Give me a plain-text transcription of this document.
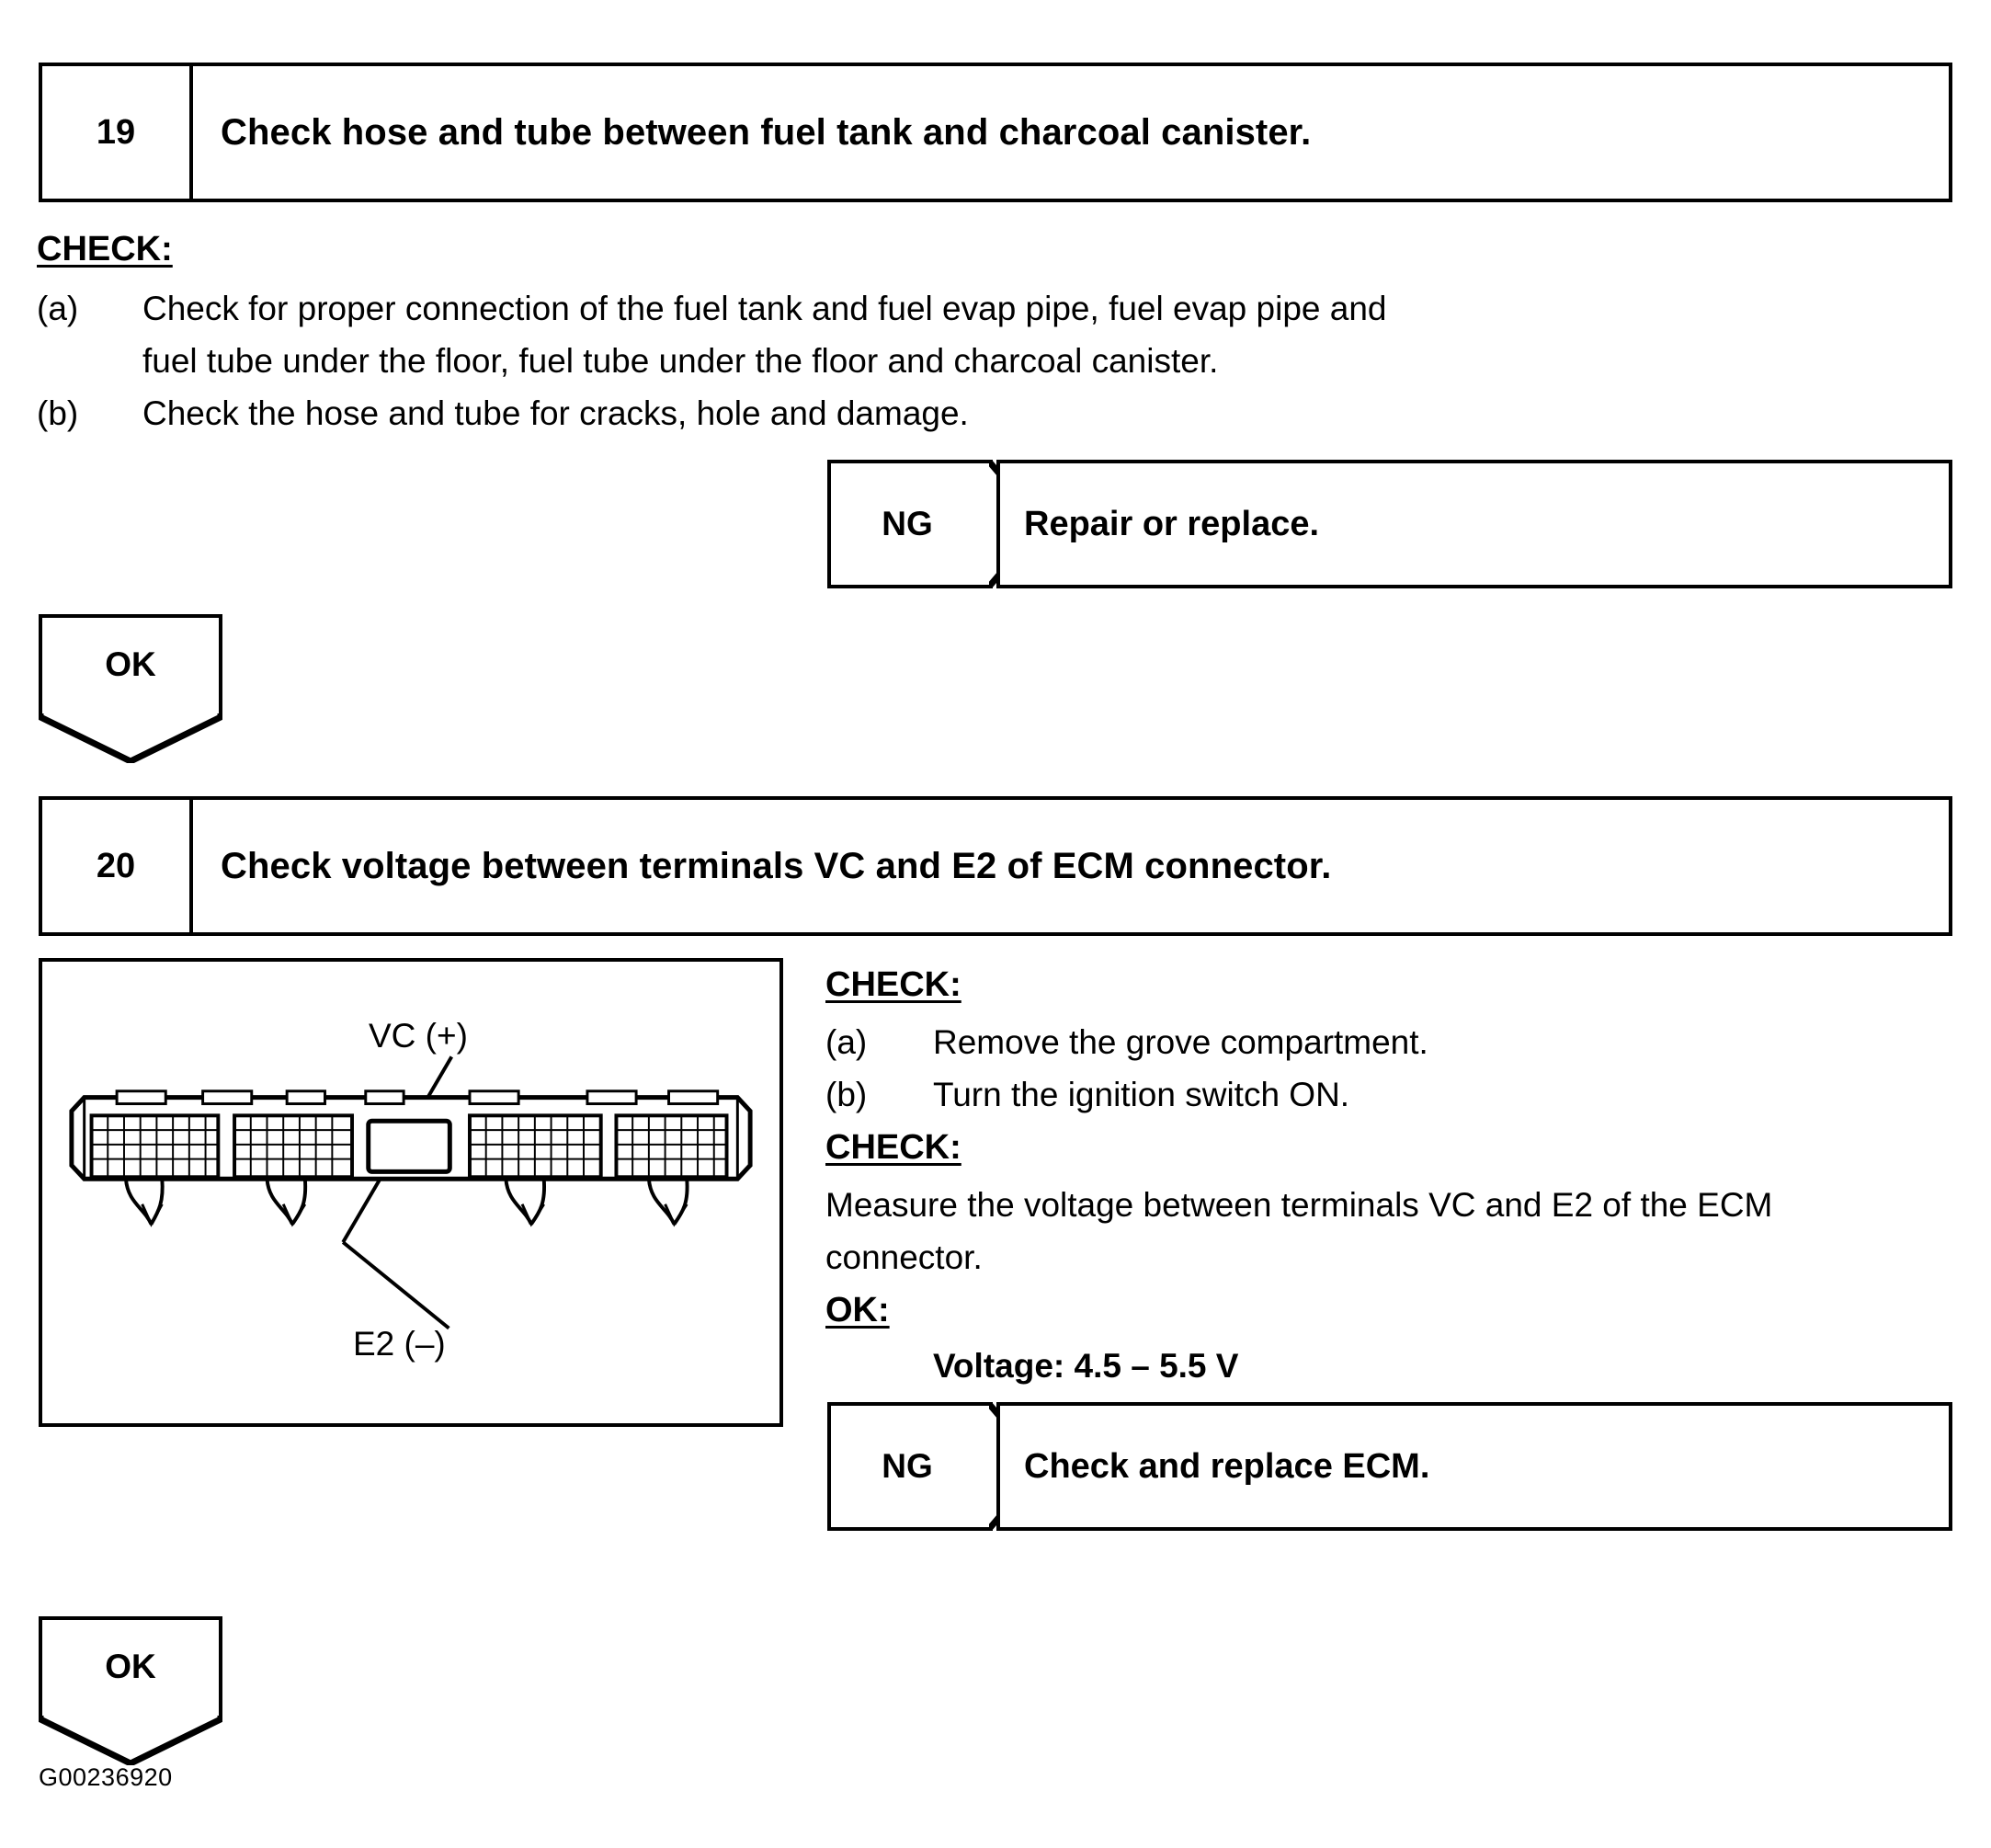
19	Check hose and tube between fuel tank and charcoal canister.
CHECK:
(a) Check for proper connection of the fuel tank and fuel evap pipe, fuel evap pipe and
fuel tube under the floor, fuel tube under the floor and charcoal canister.
(b) Check the hose and tube for cracks, hole and damage.
NG	Repair or replace.
OK
20	Check voltage between terminals VC and E2 of ECM connector.
VC (+)
E2 (–)
CHECK:
(a) Remove the grove compartment.
(b) Turn the ignition switch ON.
CHECK:
Measure the voltage between terminals VC and E2 of the ECM
connector.
OK:
Voltage: 4.5 – 5.5 V
NG	Check and replace ECM.
OK
G00236920
